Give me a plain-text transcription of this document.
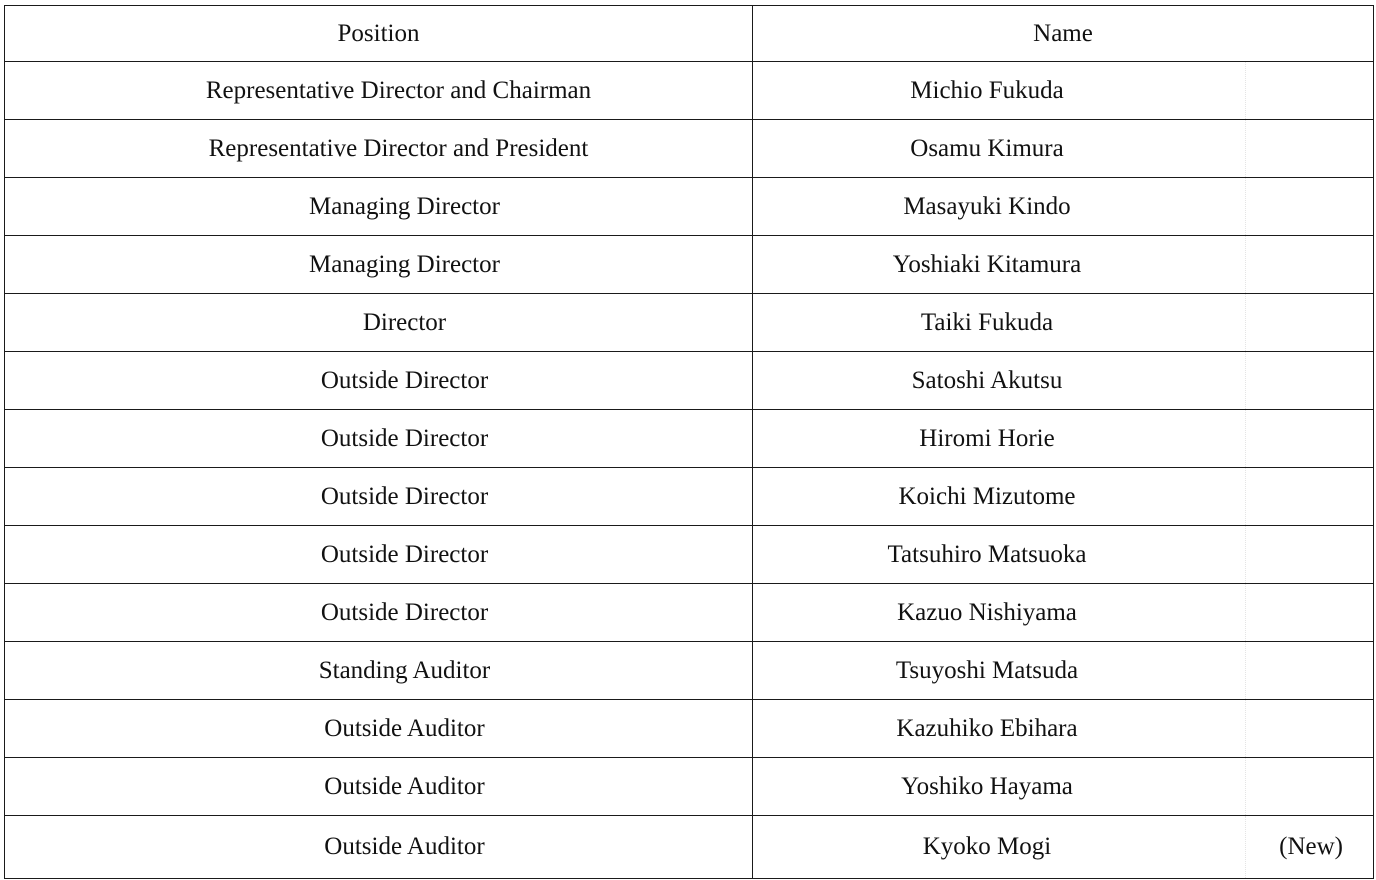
Position	Name
Representative Director and Chairman	Michio Fukuda

Representative Director and President	Osamu Kimura

Managing Director	Masayuki Kindo

Managing Director	Yoshiaki Kitamura

Director	Taiki Fukuda

Outside Director	Satoshi Akutsu

Outside Director	Hiromi Horie

Outside Director	Koichi Mizutome

Outside Director	Tatsuhiro Matsuoka

Outside Director	Kazuo Nishiyama

Standing Auditor	Tsuyoshi Matsuda

Outside Auditor	Kazuhiko Ebihara

Outside Auditor	Yoshiko Hayama

Outside Auditor	Kyoko Mogi (New)
